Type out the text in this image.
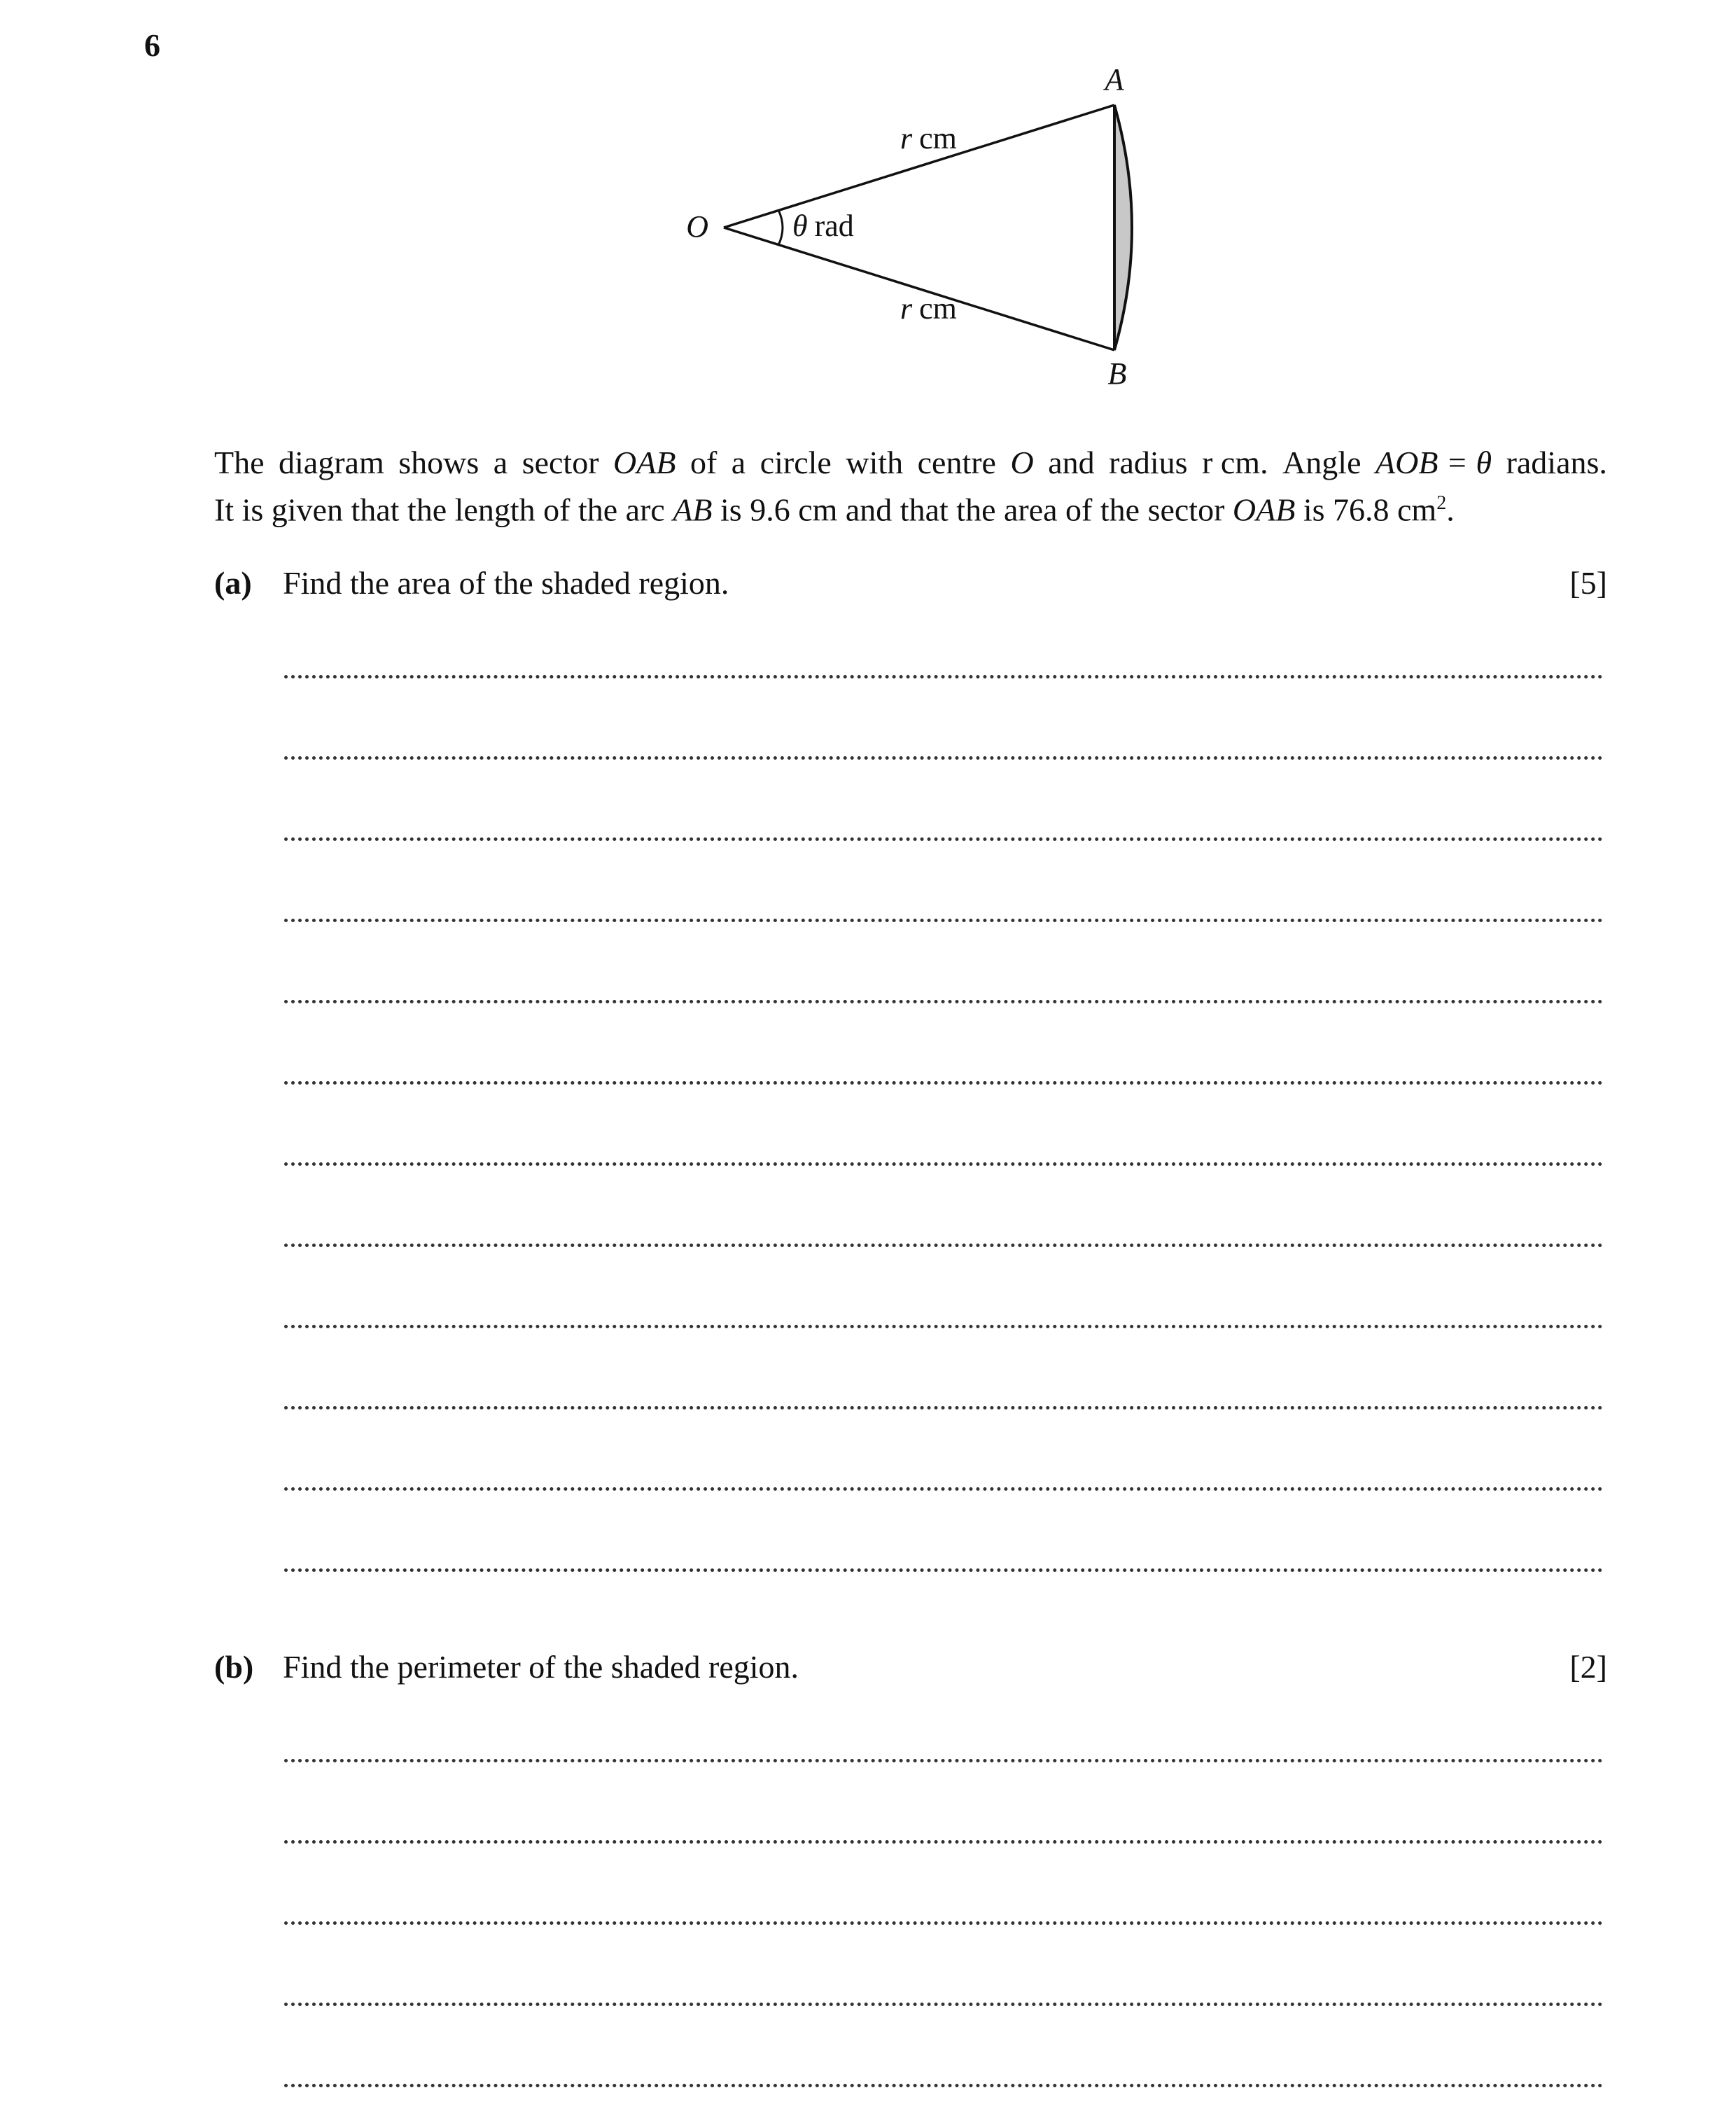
6
A
B
O
r cm
r cm
θ rad
The diagram shows a sector OAB of a circle with centre O and radius r cm. Angle AOB = θ radians.
It is given that the length of the arc AB is 9.6 cm and that the area of the sector OAB is 76.8 $cm^2$.
(a) Find the area of the shaded region.	[5]
(b) Find the perimeter of the shaded region.	[2]
